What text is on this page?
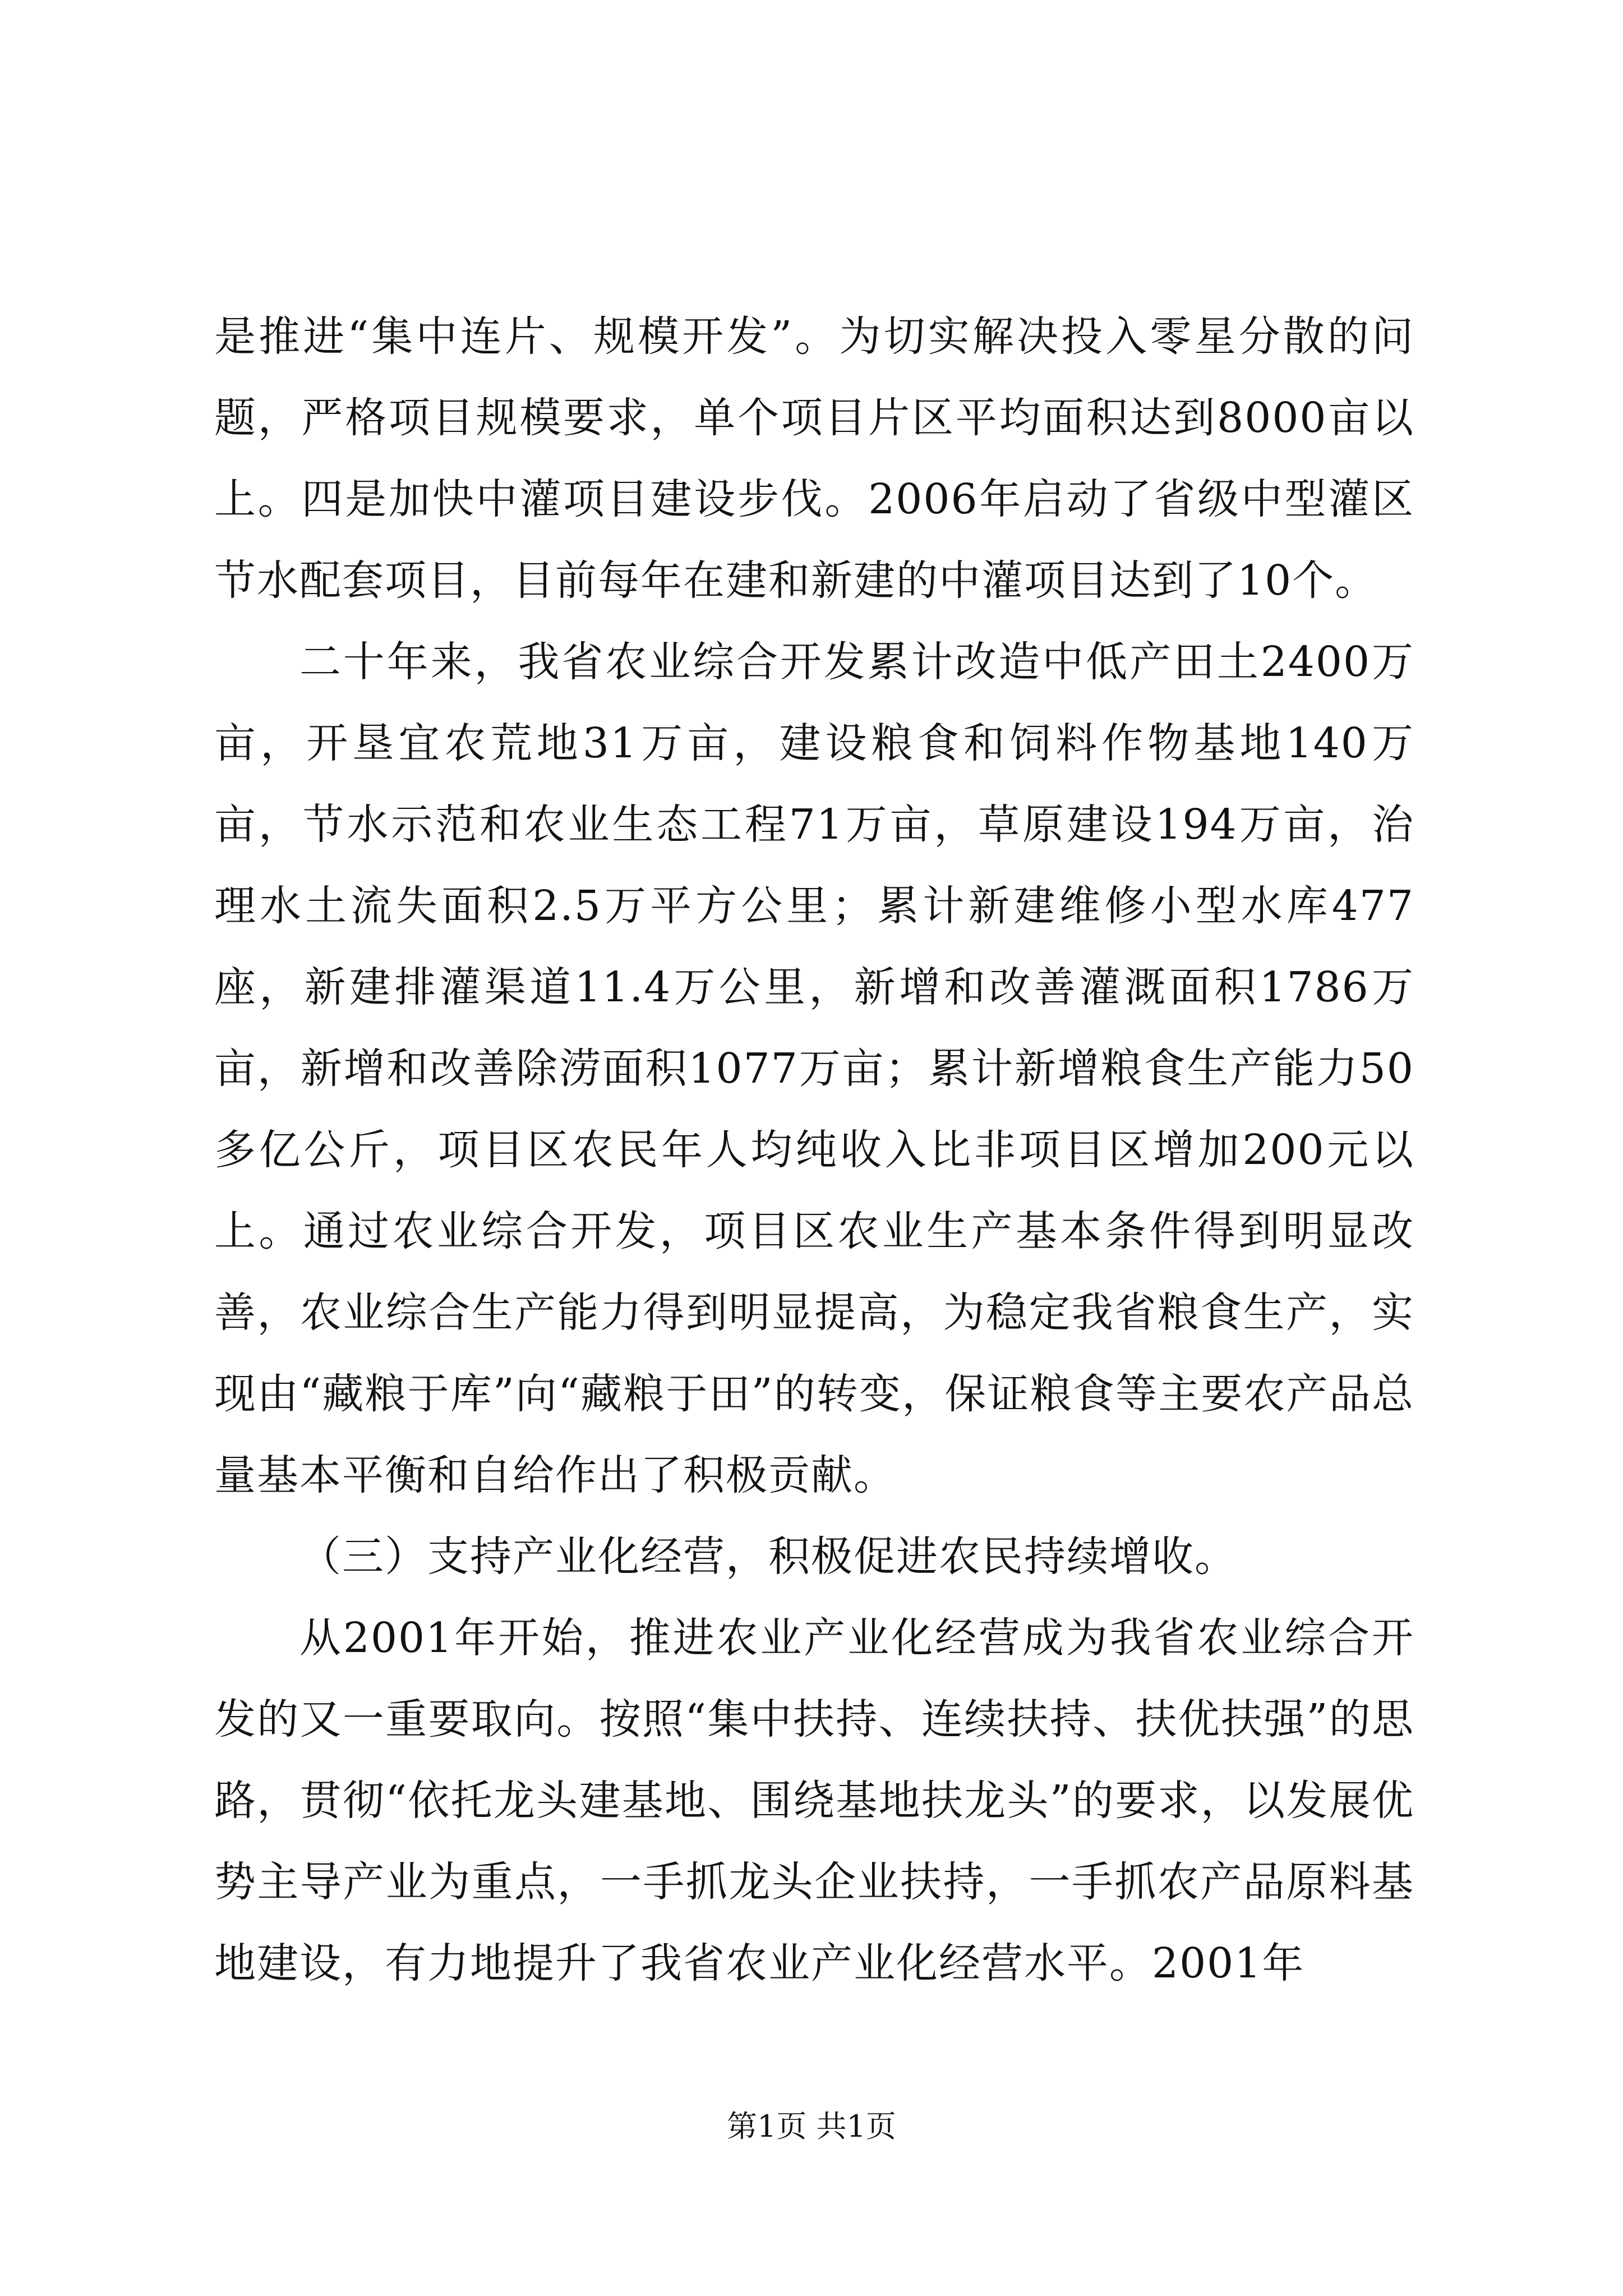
是推进“集中连片、规模开发”。为切实解决投入零星分散的问题，严格项目规模要求，单个项目片区平均面积达到8000亩以上。四是加快中灌项目建设步伐。2006年启动了省级中型灌区节水配套项目，目前每年在建和新建的中灌项目达到了10个。

二十年来，我省农业综合开发累计改造中低产田土2400万亩，开垦宜农荒地31万亩，建设粮食和饲料作物基地140万亩，节水示范和农业生态工程71万亩，草原建设194万亩，治理水土流失面积2.5万平方公里；累计新建维修小型水库477座，新建排灌渠道11.4万公里，新增和改善灌溉面积1786万亩，新增和改善除涝面积1077万亩；累计新增粮食生产能力50多亿公斤，项目区农民年人均纯收入比非项目区增加200元以上。通过农业综合开发，项目区农业生产基本条件得到明显改善，农业综合生产能力得到明显提高，为稳定我省粮食生产，实现由“藏粮于库”向“藏粮于田”的转变，保证粮食等主要农产品总量基本平衡和自给作出了积极贡献。

（三）支持产业化经营，积极促进农民持续增收。

从2001年开始，推进农业产业化经营成为我省农业综合开发的又一重要取向。按照“集中扶持、连续扶持、扶优扶强”的思路，贯彻“依托龙头建基地、围绕基地扶龙头”的要求，以发展优势主导产业为重点，一手抓龙头企业扶持，一手抓农产品原料基地建设，有力地提升了我省农业产业化经营水平。2001年

第1页 共1页
